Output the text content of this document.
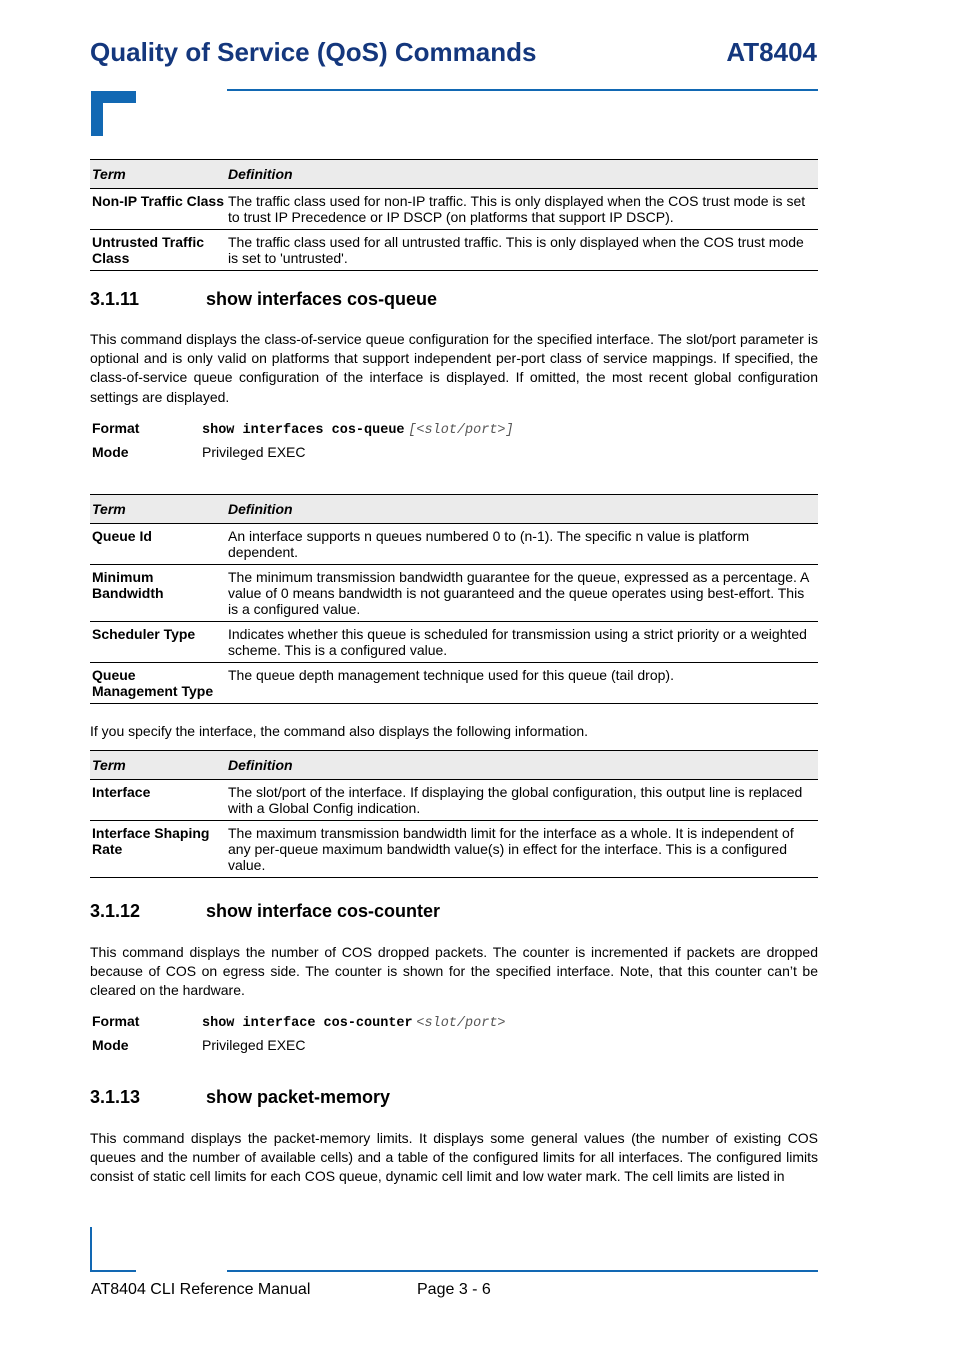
Quality of Service (QoS) Commands	AT8404
Term	Definition
Non-IP Traffic Class	The traffic class used for non-IP traffic. This is only displayed when the COS trust mode is set to trust IP Precedence or IP DSCP (on platforms that support IP DSCP).
Untrusted Traffic Class	The traffic class used for all untrusted traffic. This is only displayed when the COS trust mode is set to 'untrusted'.
3.1.11	show interfaces cos-queue
This command displays the class-of-service queue configuration for the specified interface. The slot/port parameter is optional and is only valid on platforms that support independent per-port class of service mappings. If specified, the class-of-service queue configuration of the interface is displayed. If omitted, the most recent global configuration settings are displayed.
Format	show interfaces cos-queue [<slot/port>]
Mode	Privileged EXEC
Term	Definition
Queue Id	An interface supports n queues numbered 0 to (n-1). The specific n value is platform dependent.
Minimum Bandwidth	The minimum transmission bandwidth guarantee for the queue, expressed as a percentage. A value of 0 means bandwidth is not guaranteed and the queue operates using best-effort. This is a configured value.
Scheduler Type	Indicates whether this queue is scheduled for transmission using a strict priority or a weighted scheme. This is a configured value.
Queue Management Type	The queue depth management technique used for this queue (tail drop).
If you specify the interface, the command also displays the following information.
Term	Definition
Interface	The slot/port of the interface. If displaying the global configuration, this output line is replaced with a Global Config indication.
Interface Shaping Rate	The maximum transmission bandwidth limit for the interface as a whole. It is independent of any per-queue maximum bandwidth value(s) in effect for the interface. This is a configured value.
3.1.12	show interface cos-counter
This command displays the number of COS dropped packets. The counter is incremented if packets are dropped because of COS on egress side. The counter is shown for the specified interface. Note, that this counter can’t be cleared on the hardware.
Format	show interface cos-counter <slot/port>
Mode	Privileged EXEC
3.1.13	show packet-memory
This command displays the packet-memory limits. It displays some general values (the number of existing COS queues and the number of available cells) and a table of the configured limits for all interfaces. The configured limits consist of static cell limits for each COS queue, dynamic cell limit and low water mark. The cell limits are listed in
AT8404 CLI Reference Manual	Page 3 - 6
